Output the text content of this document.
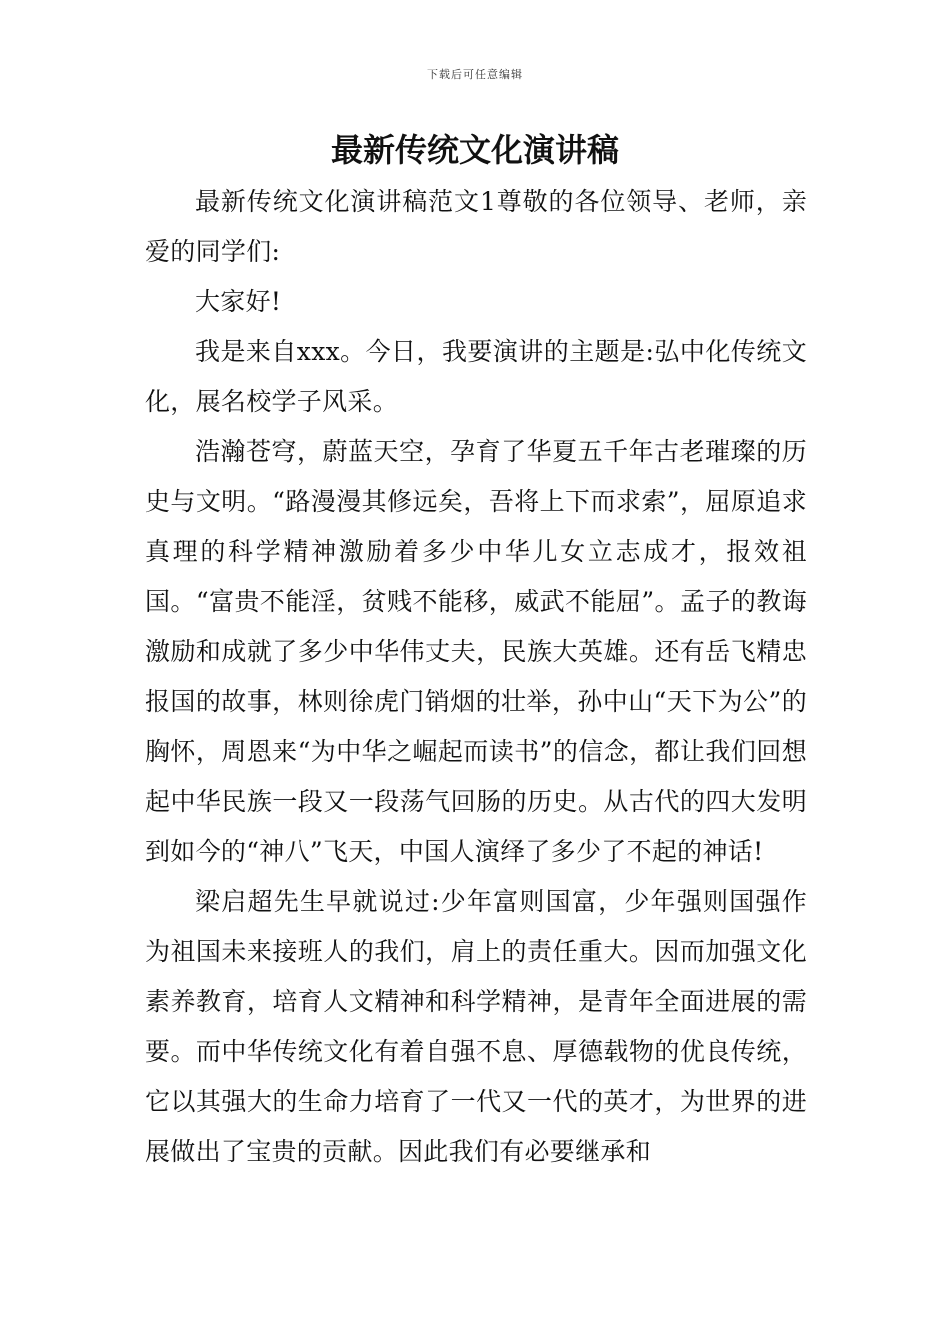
下载后可任意编辑
最新传统文化演讲稿

最新传统文化演讲稿范文1尊敬的各位领导、老师，亲爱的同学们:

大家好!

我是来自xxx。今日，我要演讲的主题是:弘中化传统文化，展名校学子风采。

浩瀚苍穹，蔚蓝天空，孕育了华夏五千年古老璀璨的历史与文明。“路漫漫其修远矣，吾将上下而求索”，屈原追求真理的科学精神激励着多少中华儿女立志成才，报效祖国。“富贵不能淫，贫贱不能移，威武不能屈”。孟子的教诲激励和成就了多少中华伟丈夫，民族大英雄。还有岳飞精忠报国的故事，林则徐虎门销烟的壮举，孙中山“天下为公”的胸怀，周恩来“为中华之崛起而读书”的信念，都让我们回想起中华民族一段又一段荡气回肠的历史。从古代的四大发明到如今的“神八”飞天，中国人演绎了多少了不起的神话!

梁启超先生早就说过:少年富则国富，少年强则国强作为祖国未来接班人的我们，肩上的责任重大。因而加强文化素养教育，培育人文精神和科学精神，是青年全面进展的需要。而中华传统文化有着自强不息、厚德载物的优良传统，它以其强大的生命力培育了一代又一代的英才，为世界的进展做出了宝贵的贡献。因此我们有必要继承和
